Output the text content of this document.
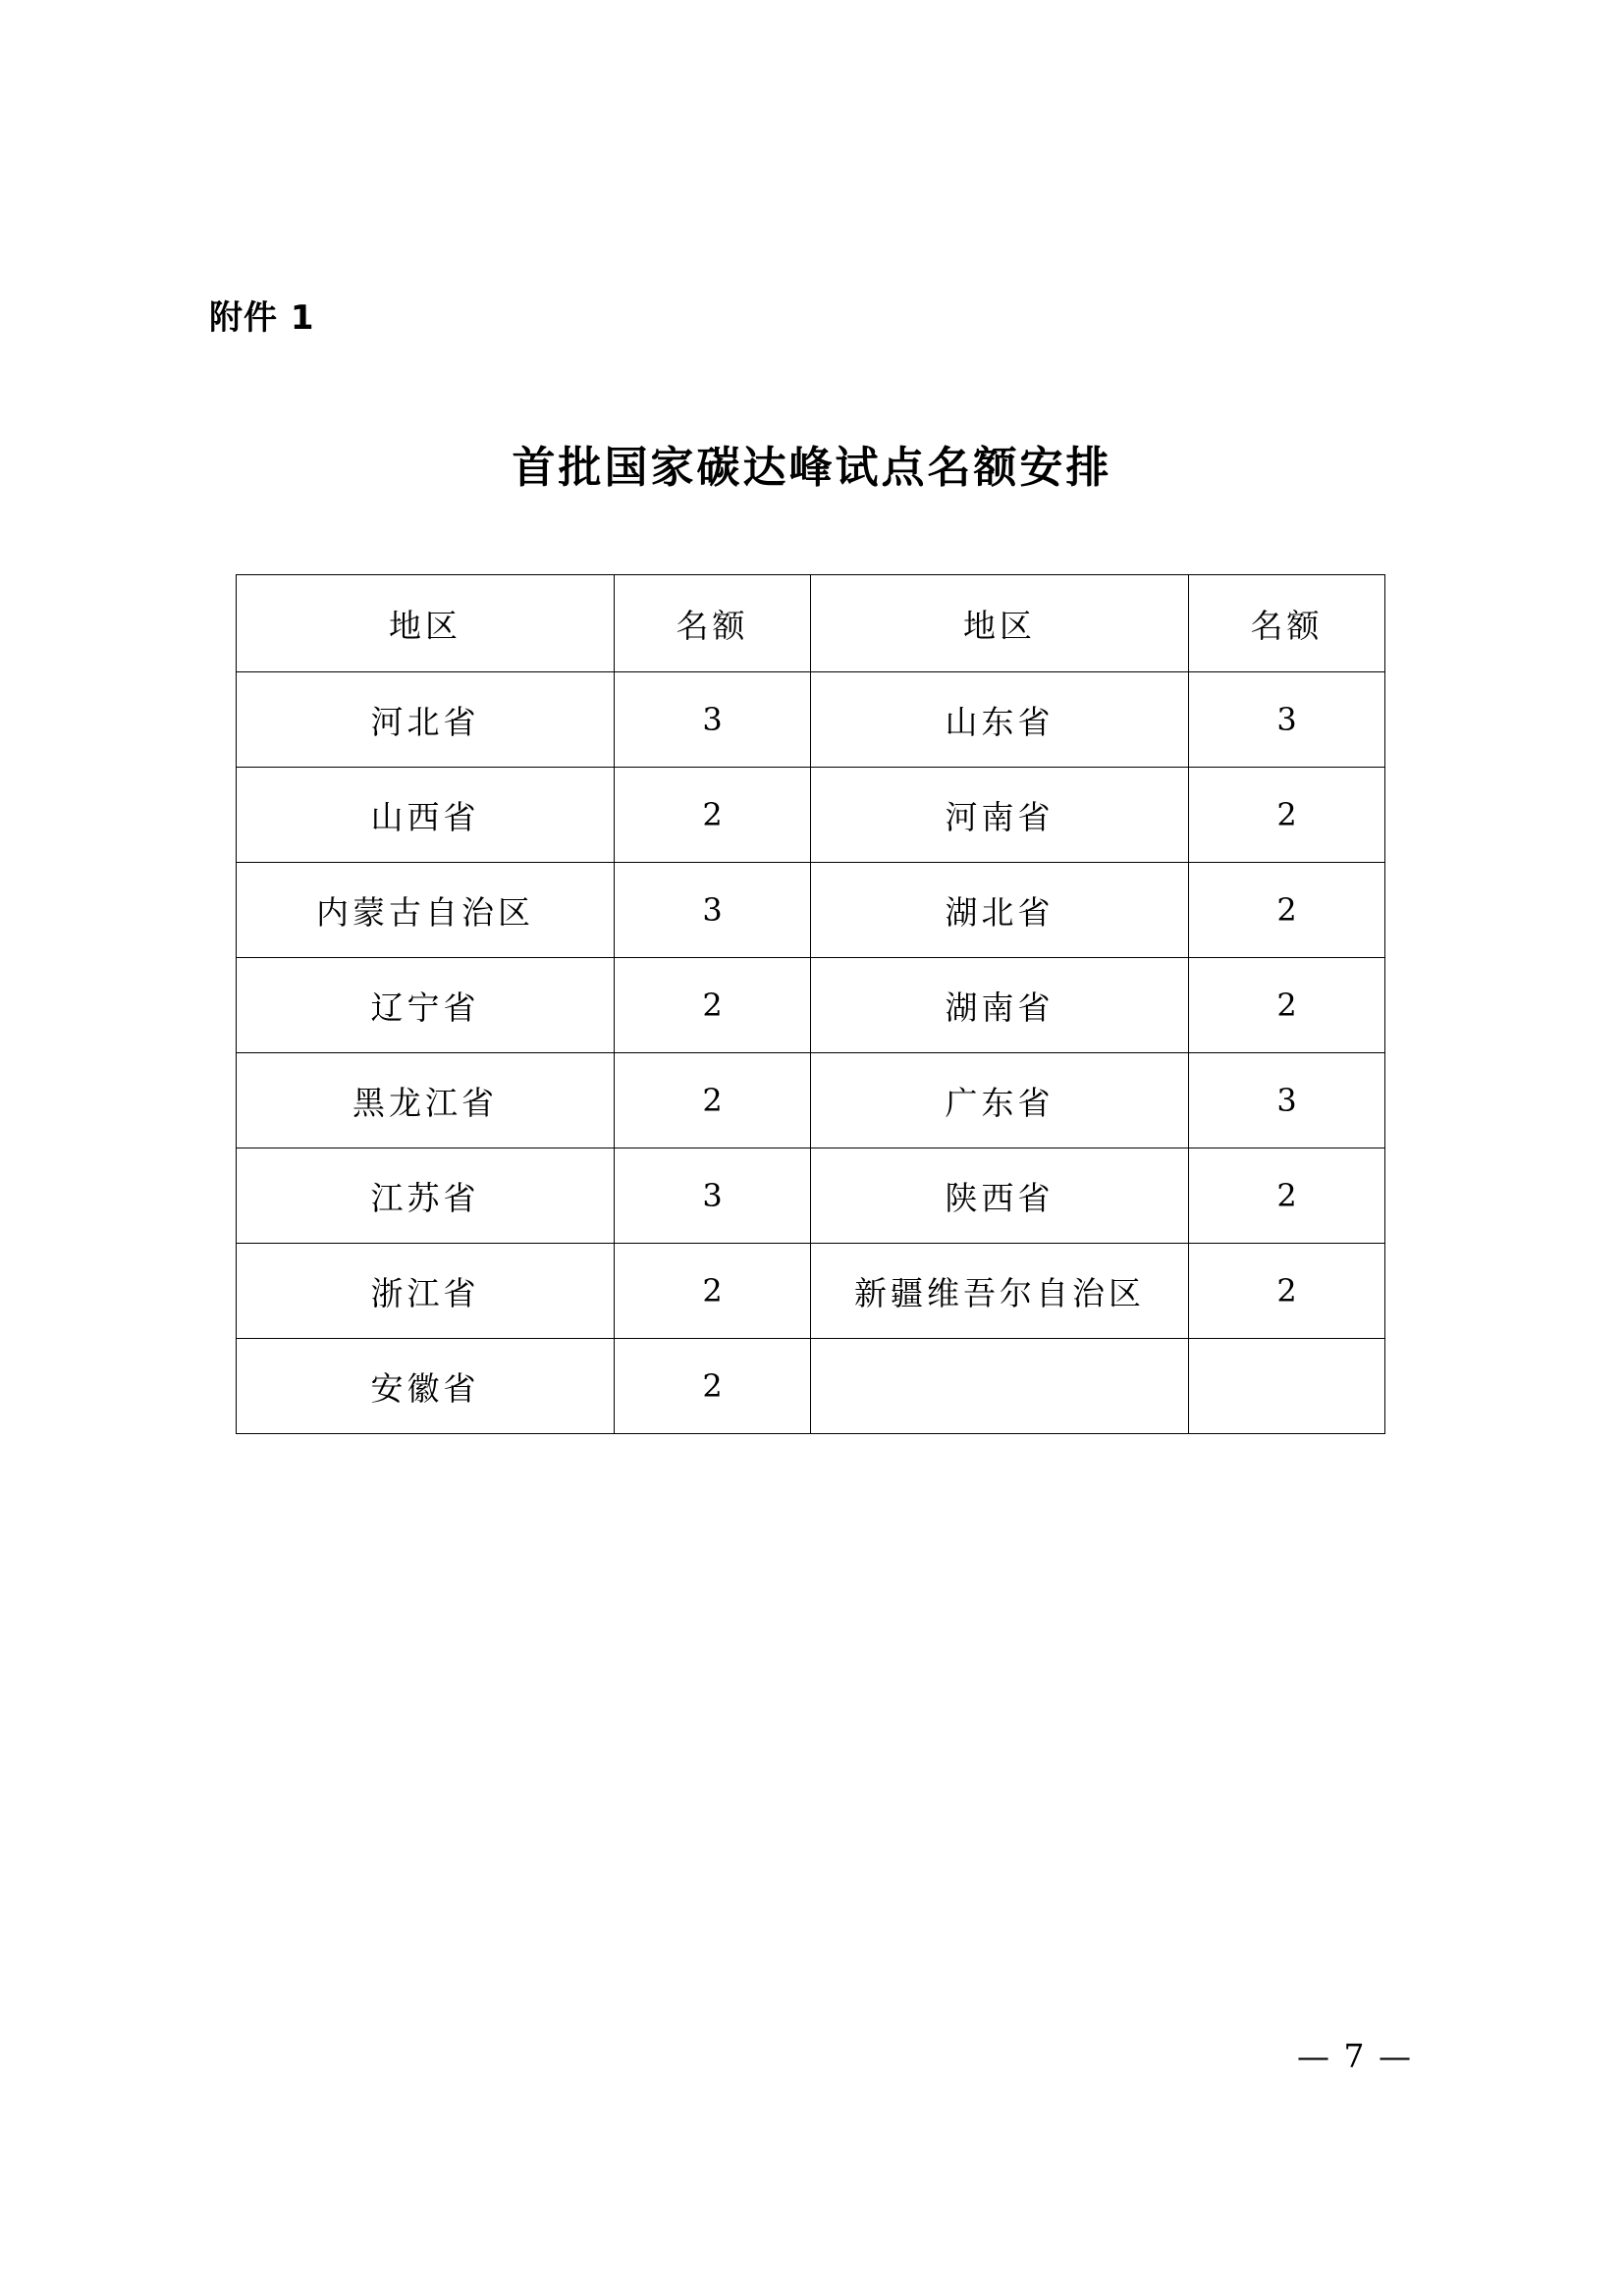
附件 1
首批国家碳达峰试点名额安排
地区	名额	地区	名额
河北省	3	山东省	3
山西省	2	河南省	2
内蒙古自治区	3	湖北省	2
辽宁省	2	湖南省	2
黑龙江省	2	广东省	3
江苏省	3	陕西省	2
浙江省	2	新疆维吾尔自治区	2
安徽省	2		
— 7 —
